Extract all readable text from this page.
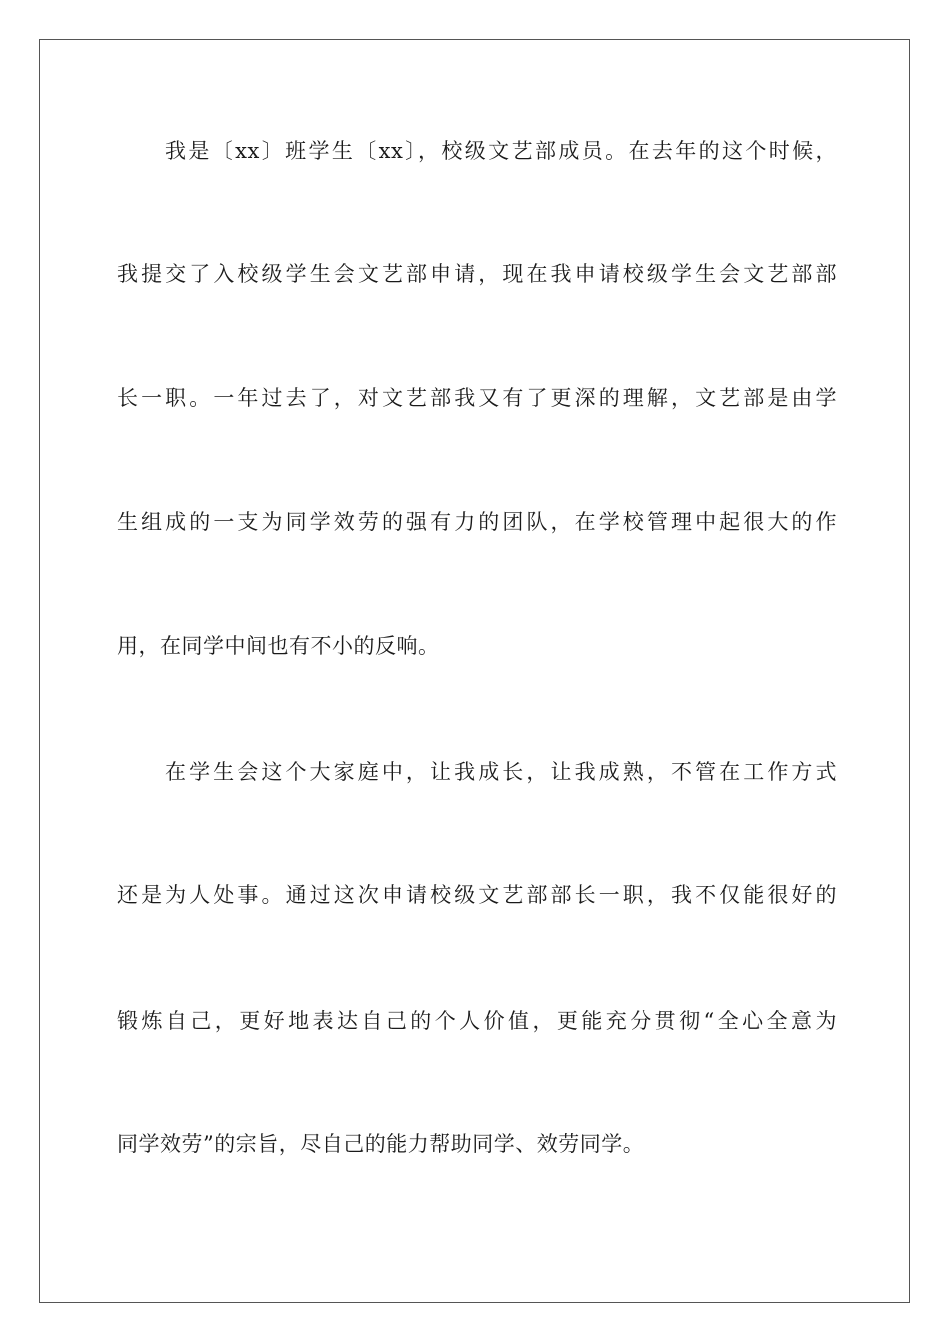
我是〔xx〕班学生〔xx〕，校级文艺部成员。在去年的这个时候，
我提交了入校级学生会文艺部申请，现在我申请校级学生会文艺部部
长一职。一年过去了，对文艺部我又有了更深的理解，文艺部是由学
生组成的一支为同学效劳的强有力的团队，在学校管理中起很大的作
用，在同学中间也有不小的反响。
在学生会这个大家庭中，让我成长，让我成熟，不管在工作方式
还是为人处事。通过这次申请校级文艺部部长一职，我不仅能很好的
锻炼自己，更好地表达自己的个人价值，更能充分贯彻“全心全意为
同学效劳”的宗旨，尽自己的能力帮助同学、效劳同学。
